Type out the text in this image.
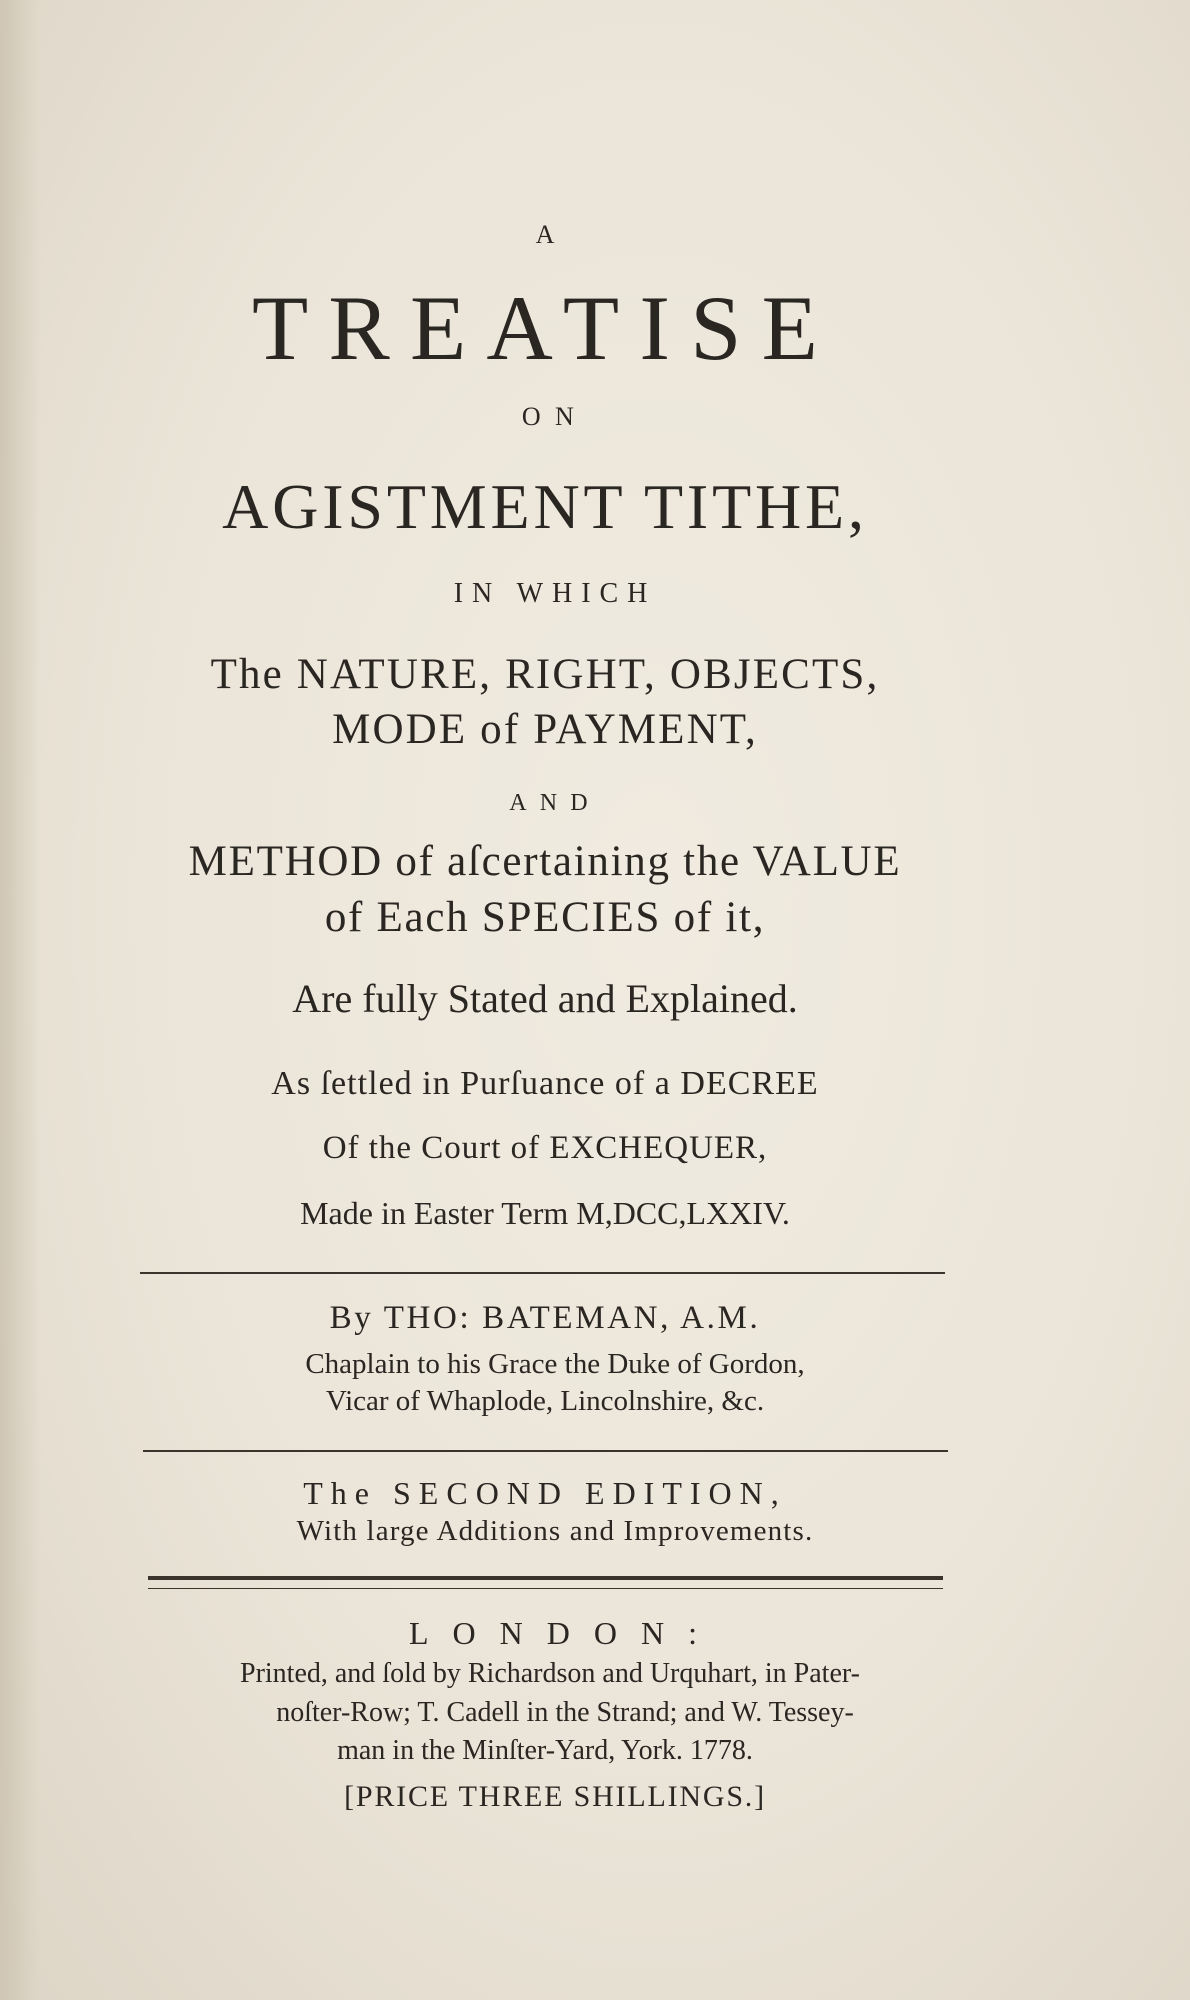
A
TREATISE
ON
AGISTMENT TITHE,
IN WHICH
The NATURE, RIGHT, OBJECTS,
MODE of PAYMENT,
AND
METHOD of aſcertaining the VALUE
of Each SPECIES of it,
Are fully Stated and Explained.
As ſettled in Purſuance of a DECREE
Of the Court of EXCHEQUER,
Made in Easter Term M,DCC,LXXIV.
By THO: BATEMAN, A.M.
Chaplain to his Grace the Duke of Gordon,
Vicar of Whaplode, Lincolnshire, &c.
The SECOND EDITION,
With large Additions and Improvements.
LONDON:
Printed, and ſold by Richardson and Urquhart, in Pater-
noſter-Row; T. Cadell in the Strand; and W. Tessey-
man in the Minſter-Yard, York. 1778.
[PRICE THREE SHILLINGS.]
